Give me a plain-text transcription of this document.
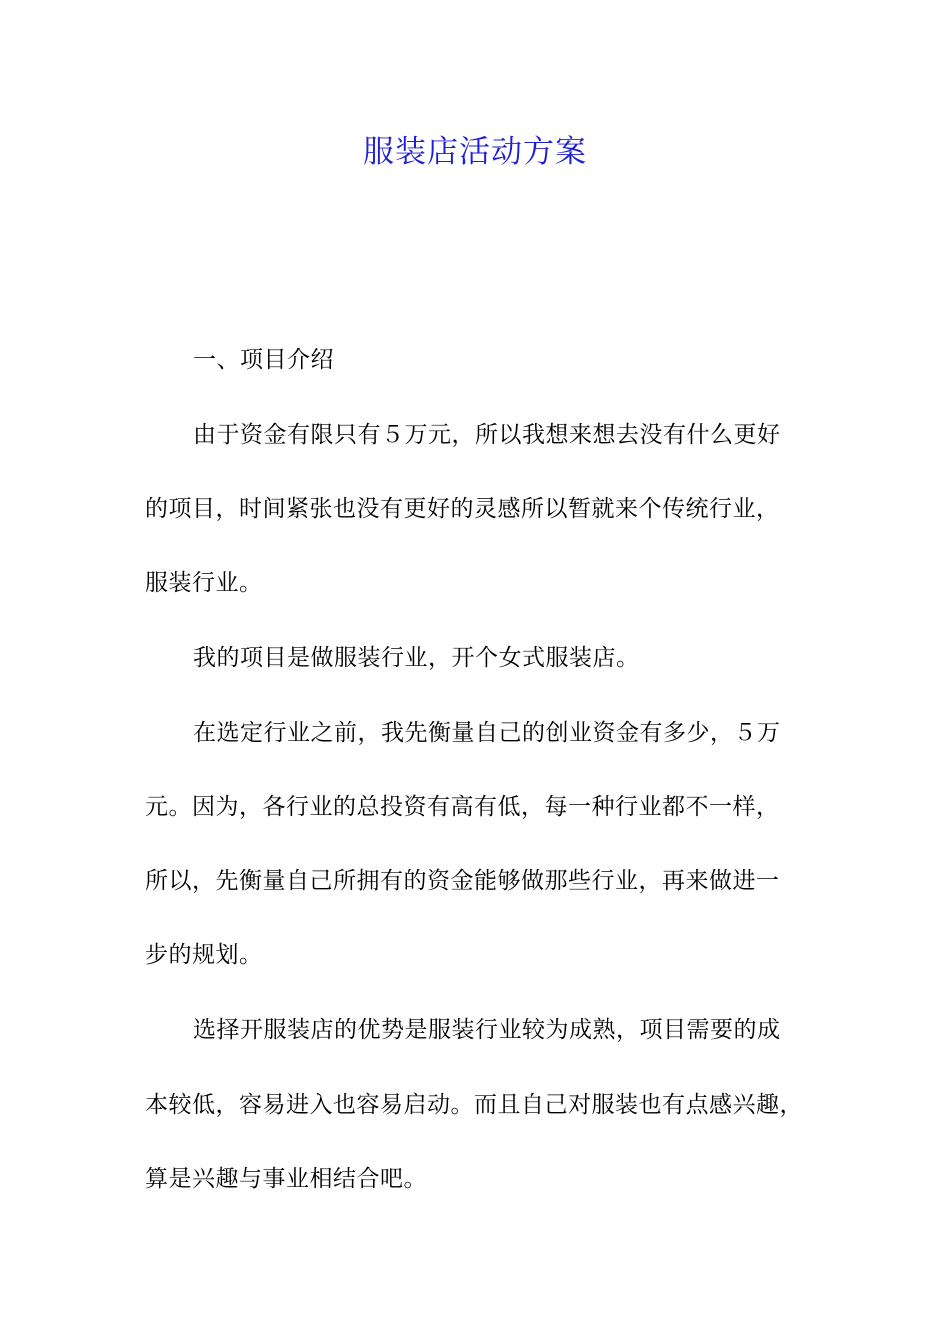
服装店活动方案
一、项目介绍
由于资金有限只有５万元，所以我想来想去没有什么更好
的项目，时间紧张也没有更好的灵感所以暂就来个传统行业，
服装行业。
我的项目是做服装行业，开个女式服装店。
在选定行业之前，我先衡量自己的创业资金有多少，５万
元。因为，各行业的总投资有高有低，每一种行业都不一样，
所以，先衡量自己所拥有的资金能够做那些行业，再来做进一
步的规划。
选择开服装店的优势是服装行业较为成熟，项目需要的成
本较低，容易进入也容易启动。而且自己对服装也有点感兴趣，
算是兴趣与事业相结合吧。
